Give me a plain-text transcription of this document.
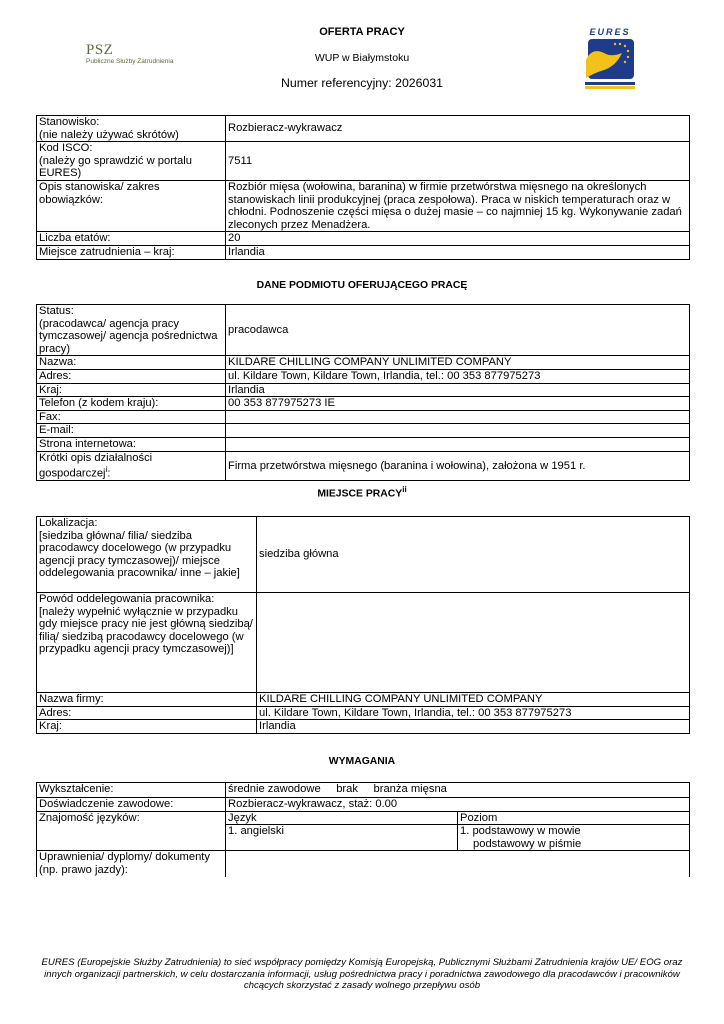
OFERTA PRACY
WUP w Białymstoku
Numer referencyjny: 2026031
PSZ
Publiczne Służby Zatrudnienia
EURES
Stanowisko:
(nie należy używać skrótów)	Rozbieracz-wykrawacz
Kod ISCO:
(należy go sprawdzić w portalu EURES)	7511
Opis stanowiska/ zakres obowiązków:	Rozbiór mięsa (wołowina, baranina) w firmie przetwórstwa mięsnego na określonych stanowiskach linii produkcyjnej (praca zespołowa). Praca w niskich temperaturach oraz w chłodni. Podnoszenie części mięsa o dużej masie – co najmniej 15 kg. Wykonywanie zadań zleconych przez Menadżera.
Liczba etatów:	20
Miejsce zatrudnienia – kraj:	Irlandia
DANE PODMIOTU OFERUJĄCEGO PRACĘ
Status:
(pracodawca/ agencja pracy tymczasowej/ agencja pośrednictwa pracy)	pracodawca
Nazwa:	KILDARE CHILLING COMPANY UNLIMITED COMPANY
Adres:	ul. Kildare Town, Kildare Town, Irlandia, tel.: 00 353 877975273
Kraj:	Irlandia
Telefon (z kodem kraju):	00 353 877975273 IE
Fax:	
E-mail:	
Strona internetowa:	
Krótki opis działalności gospodarczej$^i$:	Firma przetwórstwa mięsnego (baranina i wołowina), założona w 1951 r.
MIEJSCE PRACY$^{ii}$
Lokalizacja:
[siedziba główna/ filia/ siedziba pracodawcy docelowego (w przypadku agencji pracy tymczasowej)/ miejsce oddelegowania pracownika/ inne – jakie]	siedziba główna
Powód oddelegowania pracownika:
[należy wypełnić wyłącznie w przypadku gdy miejsce pracy nie jest główną siedzibą/ filią/ siedzibą pracodawcy docelowego (w przypadku agencji pracy tymczasowej)]	
Nazwa firmy:	KILDARE CHILLING COMPANY UNLIMITED COMPANY
Adres:	ul. Kildare Town, Kildare Town, Irlandia, tel.: 00 353 877975273
Kraj:	Irlandia
WYMAGANIA
Wykształcenie:	średnie zawodowe     brak     branża mięsna	
Doświadczenie zawodowe:	Rozbieracz-wykrawacz, staż: 0.00	
Znajomość języków:	Język	Poziom
	1. angielski	1. podstawowy w mowie
podstawowy w piśmie

Uprawnienia/ dyplomy/ dokumenty
(np. prawo jazdy):		
EURES (Europejskie Służby Zatrudnienia) to sieć współpracy pomiędzy Komisją Europejską, Publicznymi Służbami Zatrudnienia krajów UE/ EOG oraz innych organizacji partnerskich, w celu dostarczania informacji, usług pośrednictwa pracy i poradnictwa zawodowego dla pracodawców i pracowników chcących skorzystać z zasady wolnego przepływu osób
